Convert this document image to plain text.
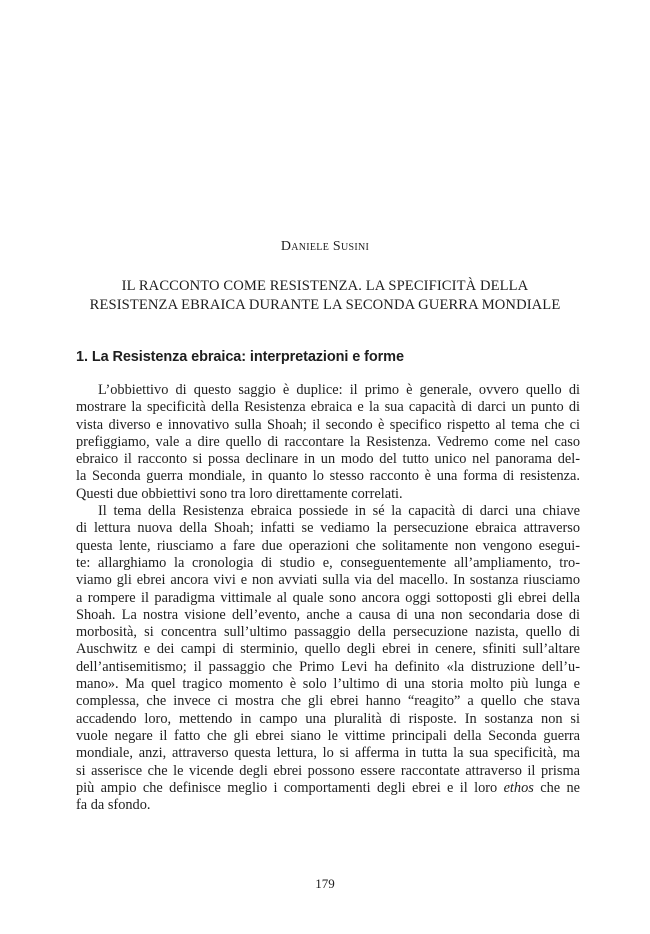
Daniele Susini
IL RACCONTO COME RESISTENZA. LA SPECIFICITÀ DELLA
RESISTENZA EBRAICA DURANTE LA SECONDA GUERRA MONDIALE
1. La Resistenza ebraica: interpretazioni e forme
L’obbiettivo di questo saggio è duplice: il primo è generale, ovvero quello di
mostrare la specificità della Resistenza ebraica e la sua capacità di darci un punto di
vista diverso e innovativo sulla Shoah; il secondo è specifico rispetto al tema che ci
prefiggiamo, vale a dire quello di raccontare la Resistenza. Vedremo come nel caso
ebraico il racconto si possa declinare in un modo del tutto unico nel panorama del-
la Seconda guerra mondiale, in quanto lo stesso racconto è una forma di resistenza.
Questi due obbiettivi sono tra loro direttamente correlati.
Il tema della Resistenza ebraica possiede in sé la capacità di darci una chiave
di lettura nuova della Shoah; infatti se vediamo la persecuzione ebraica attraverso
questa lente, riusciamo a fare due operazioni che solitamente non vengono esegui-
te: allarghiamo la cronologia di studio e, conseguentemente all’ampliamento, tro-
viamo gli ebrei ancora vivi e non avviati sulla via del macello. In sostanza riusciamo
a rompere il paradigma vittimale al quale sono ancora oggi sottoposti gli ebrei della
Shoah. La nostra visione dell’evento, anche a causa di una non secondaria dose di
morbosità, si concentra sull’ultimo passaggio della persecuzione nazista, quello di
Auschwitz e dei campi di sterminio, quello degli ebrei in cenere, sfiniti sull’altare
dell’antisemitismo; il passaggio che Primo Levi ha definito «la distruzione dell’u-
mano». Ma quel tragico momento è solo l’ultimo di una storia molto più lunga e
complessa, che invece ci mostra che gli ebrei hanno “reagito” a quello che stava
accadendo loro, mettendo in campo una pluralità di risposte. In sostanza non si
vuole negare il fatto che gli ebrei siano le vittime principali della Seconda guerra
mondiale, anzi, attraverso questa lettura, lo si afferma in tutta la sua specificità, ma
si asserisce che le vicende degli ebrei possono essere raccontate attraverso il prisma
più ampio che definisce meglio i comportamenti degli ebrei e il loro ethos che ne
fa da sfondo.
179
